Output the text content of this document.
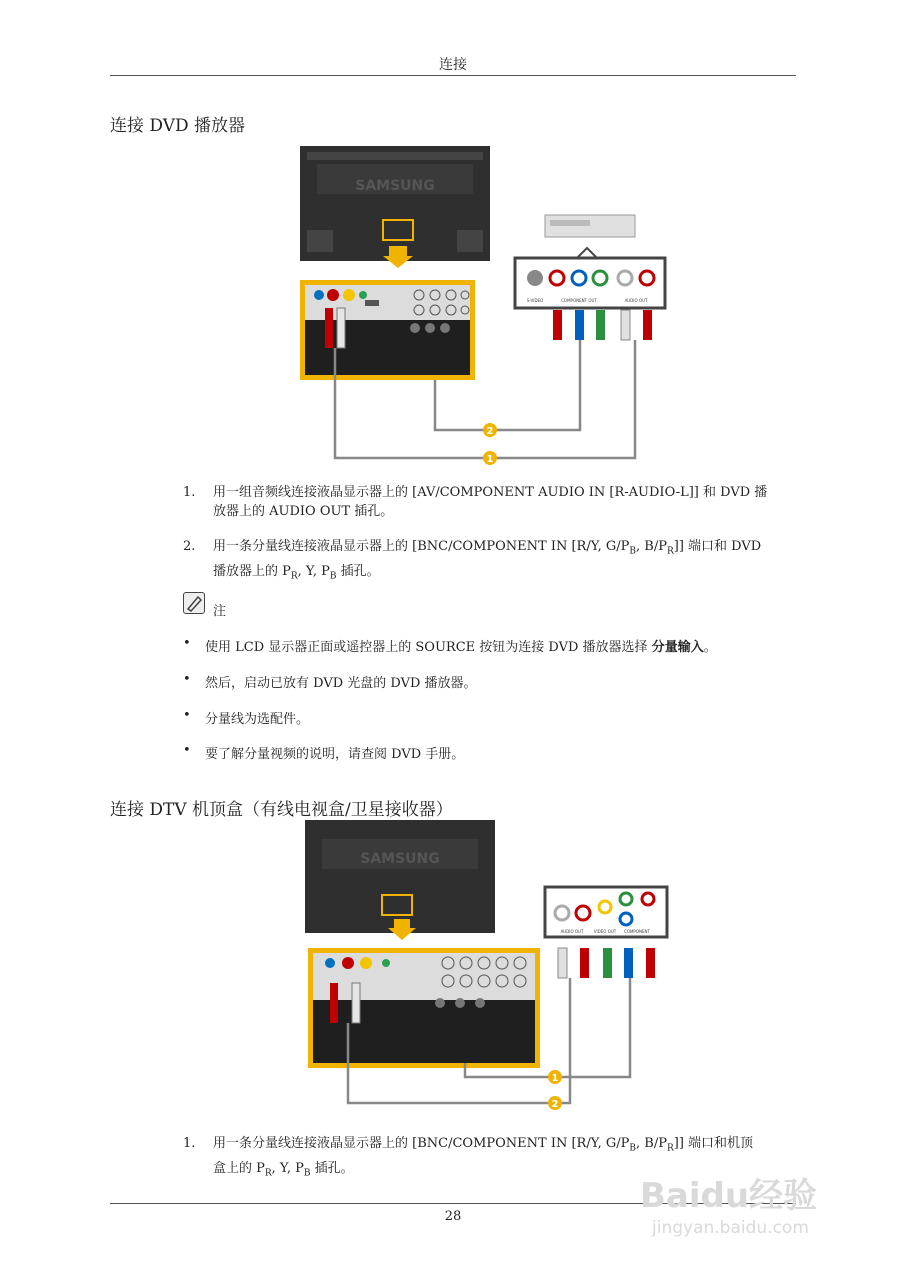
连接
连接 DVD 播放器
SAMSUNG
S-VIDEO	COMPONENT OUT	AUDIO OUT
2
1
1.	用一组音频线连接液晶显示器上的 [AV/COMPONENT AUDIO IN [R-AUDIO-L]] 和 DVD 播
放器上的 AUDIO OUT 插孔。
2.	用一条分量线连接液晶显示器上的 [BNC/COMPONENT IN [R/Y, $G/P_B$, $B/P_R$]] 端口和 DVD
播放器上的 $P_R$, Y, $P_B$ 插孔。
注
• 使用 LCD 显示器正面或遥控器上的 SOURCE 按钮为连接 DVD 播放器选择 分量输入。
• 然后，启动已放有 DVD 光盘的 DVD 播放器。
• 分量线为选配件。
• 要了解分量视频的说明，请查阅 DVD 手册。
连接 DTV 机顶盒（有线电视盒/卫星接收器）
SAMSUNG
AUDIO OUT	VIDEO OUT COMPONENT
1
2
1.	用一条分量线连接液晶显示器上的 [BNC/COMPONENT IN [R/Y, $G/P_B$, $B/P_R$]] 端口和机顶
盒上的 $P_R$, Y, $P_B$ 插孔。
28
Baidu经验
jingyan.baidu.com
